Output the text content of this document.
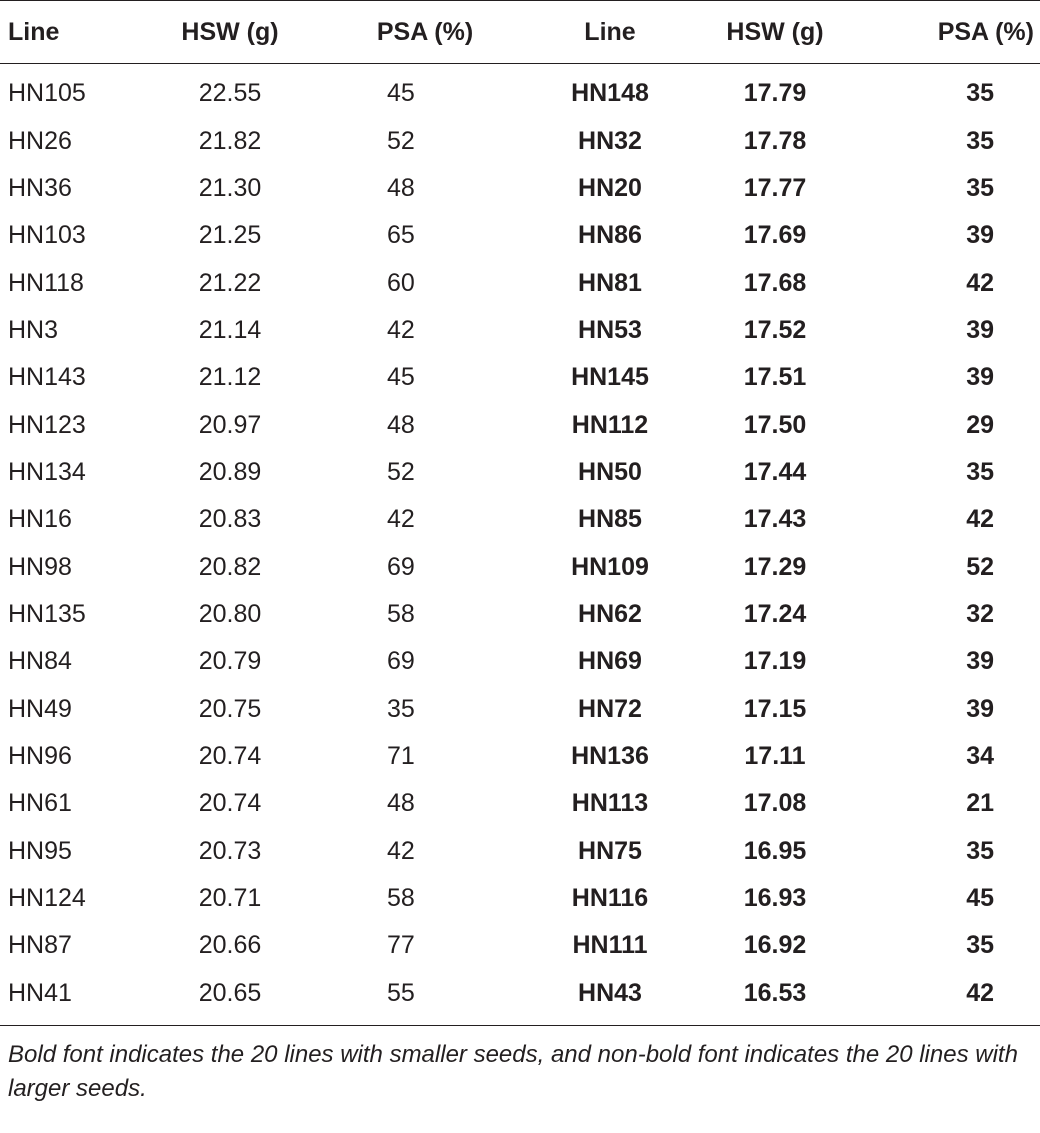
Line	HSW (g)	PSA (%)	Line	HSW (g)	PSA (%)
HN105	22.55	45	HN148	17.79	35
HN26	21.82	52	HN32	17.78	35
HN36	21.30	48	HN20	17.77	35
HN103	21.25	65	HN86	17.69	39
HN118	21.22	60	HN81	17.68	42
HN3	21.14	42	HN53	17.52	39
HN143	21.12	45	HN145	17.51	39
HN123	20.97	48	HN112	17.50	29
HN134	20.89	52	HN50	17.44	35
HN16	20.83	42	HN85	17.43	42
HN98	20.82	69	HN109	17.29	52
HN135	20.80	58	HN62	17.24	32
HN84	20.79	69	HN69	17.19	39
HN49	20.75	35	HN72	17.15	39
HN96	20.74	71	HN136	17.11	34
HN61	20.74	48	HN113	17.08	21
HN95	20.73	42	HN75	16.95	35
HN124	20.71	58	HN116	16.93	45
HN87	20.66	77	HN111	16.92	35
HN41	20.65	55	HN43	16.53	42
Bold font indicates the 20 lines with smaller seeds, and non-bold font indicates the 20 lines with larger seeds.
